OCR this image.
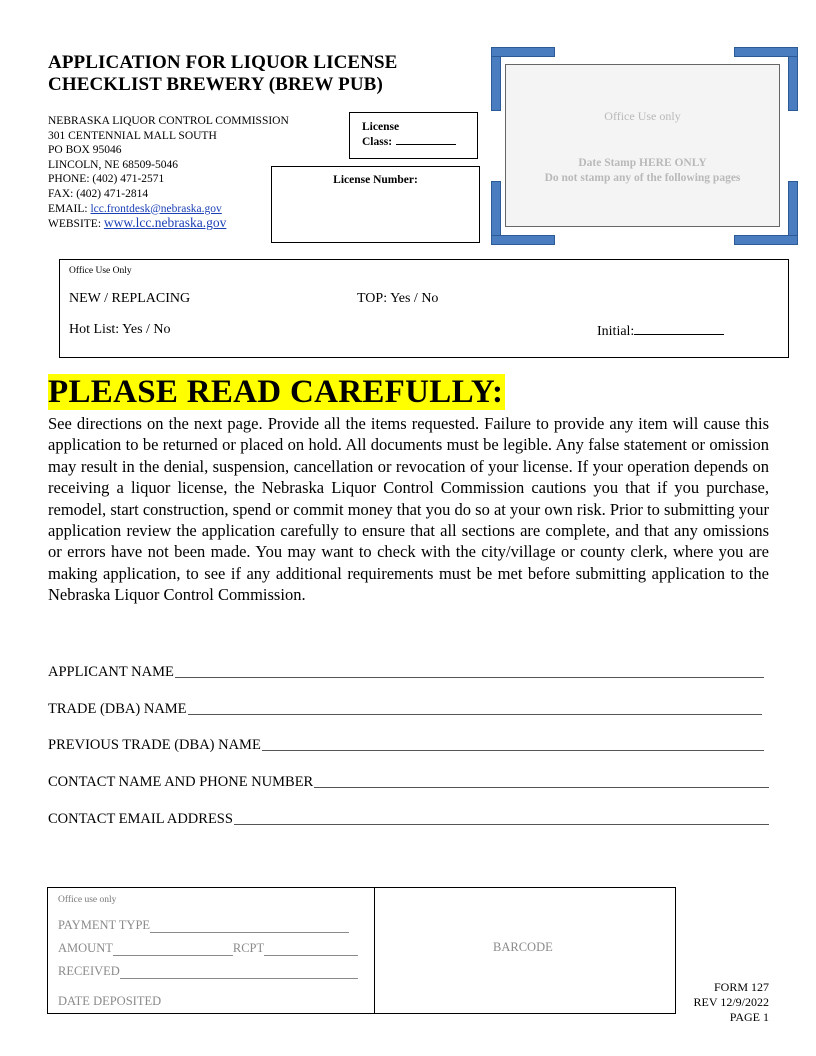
APPLICATION FOR LIQUOR LICENSE
CHECKLIST BREWERY (BREW PUB)
NEBRASKA LIQUOR CONTROL COMMISSION
301 CENTENNIAL MALL SOUTH
PO BOX 95046
LINCOLN, NE 68509-5046
PHONE: (402) 471-2571
FAX: (402) 471-2814
EMAIL: lcc.frontdesk@nebraska.gov
WEBSITE: www.lcc.nebraska.gov
License
Class:
License Number:
Office Use only
Date Stamp HERE ONLY
Do not stamp any of the following pages
Office Use Only
NEW / REPLACING	TOP: Yes / No
Hot List: Yes / No	Initial:
PLEASE READ CAREFULLY:
See directions on the next page. Provide all the items requested. Failure to provide any item will cause this application to be returned or placed on hold. All documents must be legible. Any false statement or omission may result in the denial, suspension, cancellation or revocation of your license. If your operation depends on receiving a liquor license, the Nebraska Liquor Control Commission cautions you that if you purchase, remodel, start construction, spend or commit money that you do so at your own risk. Prior to submitting your application review the application carefully to ensure that all sections are complete, and that any omissions or errors have not been made. You may want to check with the city/village or county clerk, where you are making application, to see if any additional requirements must be met before submitting application to the Nebraska Liquor Control Commission.
APPLICANT NAME
TRADE (DBA) NAME
PREVIOUS TRADE (DBA) NAME
CONTACT NAME AND PHONE NUMBER
CONTACT EMAIL ADDRESS
Office use only
PAYMENT TYPE
AMOUNT	RCPT
RECEIVED
DATE DEPOSITED
BARCODE
FORM 127
REV 12/9/2022
PAGE 1
